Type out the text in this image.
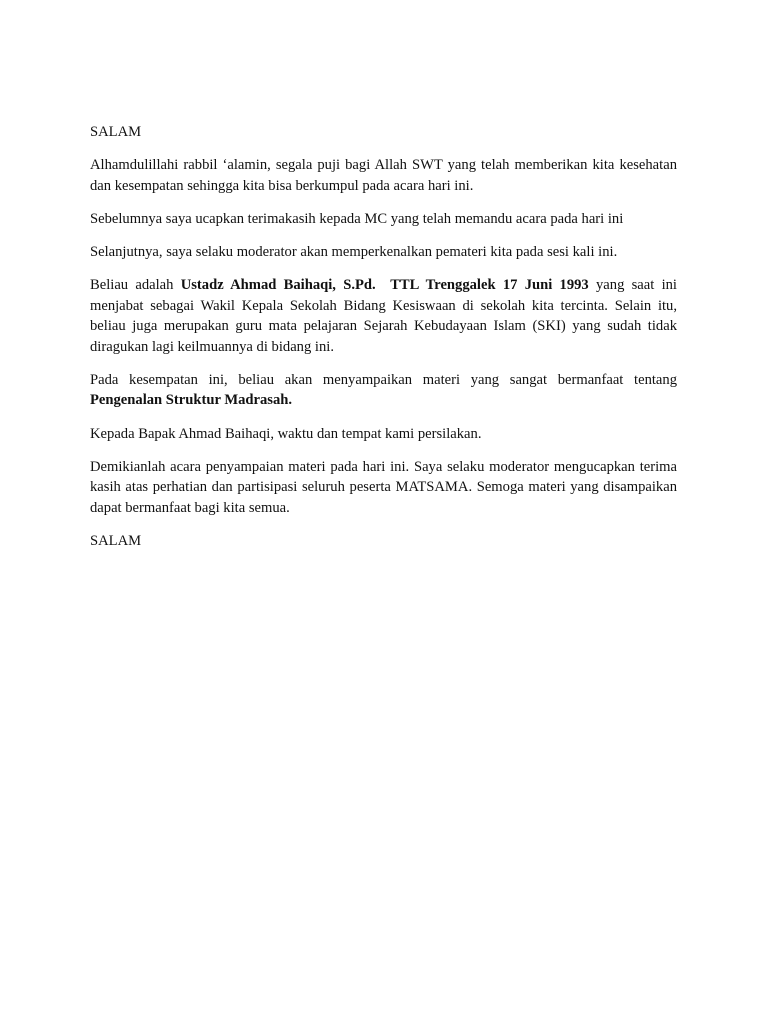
SALAM

Alhamdulillahi rabbil ‘alamin, segala puji bagi Allah SWT yang telah memberikan kita kesehatan dan kesempatan sehingga kita bisa berkumpul pada acara hari ini.

Sebelumnya saya ucapkan terimakasih kepada MC yang telah memandu acara pada hari ini

Selanjutnya, saya selaku moderator akan memperkenalkan pemateri kita pada sesi kali ini.

Beliau adalah Ustadz Ahmad Baihaqi, S.Pd. TTL Trenggalek 17 Juni 1993 yang saat ini menjabat sebagai Wakil Kepala Sekolah Bidang Kesiswaan di sekolah kita tercinta. Selain itu, beliau juga merupakan guru mata pelajaran Sejarah Kebudayaan Islam (SKI) yang sudah tidak diragukan lagi keilmuannya di bidang ini.

Pada kesempatan ini, beliau akan menyampaikan materi yang sangat bermanfaat tentang Pengenalan Struktur Madrasah.

Kepada Bapak Ahmad Baihaqi, waktu dan tempat kami persilakan.

Demikianlah acara penyampaian materi pada hari ini. Saya selaku moderator mengucapkan terima kasih atas perhatian dan partisipasi seluruh peserta MATSAMA. Semoga materi yang disampaikan dapat bermanfaat bagi kita semua.

SALAM
